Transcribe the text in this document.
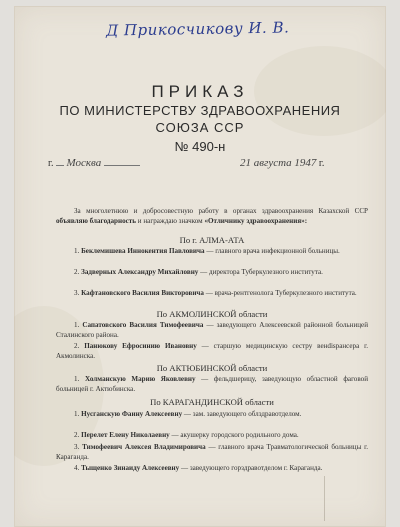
Д Прикосчикову И. В.
ПРИКАЗ
ПО МИНИСТЕРСТВУ ЗДРАВООХРАНЕНИЯ
СОЮЗА ССР
№ 490-н
г. Москва	21 августа 1947 г.
За многолетнюю и добросовестную работу в органах здравоохранения Казахской ССР объявляю благодарность и награждаю значком «Отличнику здравоохранения»:
По г. АЛМА-АТА
1. Беклемишева Иннокентия Павловича — главного врача инфекционной больницы.
2. Задверных Александру Михайловну — директора Туберкулезного института.
3. Кафтановского Василия Викторовича — врача-рентгенолога Туберкулезного института.
По АКМОЛИНСКОЙ области
1. Сапатовского Василия Тимофеевича — заведующего Алексеевской районной больницей Сталинского района.
2. Панюкову Ефросинию Ивановну — старшую медицинскую сестру венdispансера г. Акмолинска.
По АКТЮБИНСКОЙ области
1. Холманскую Марию Яковлевну — фельдшерицу, заведующую областной фаговой больницей г. Актюбинска.
По КАРАГАНДИНСКОЙ области
1. Нусганскую Фаину Алексеевну — зам. заведующего облздравотделом.
2. Перелет Елену Николаевну — акушерку городского родильного дома.
3. Тимофеевич Алексея Владимировича — главного врача Травматологической больницы г. Караганда.
4. Тыщенко Зинаиду Алексеевну — заведующего горздравотделом г. Караганда.
